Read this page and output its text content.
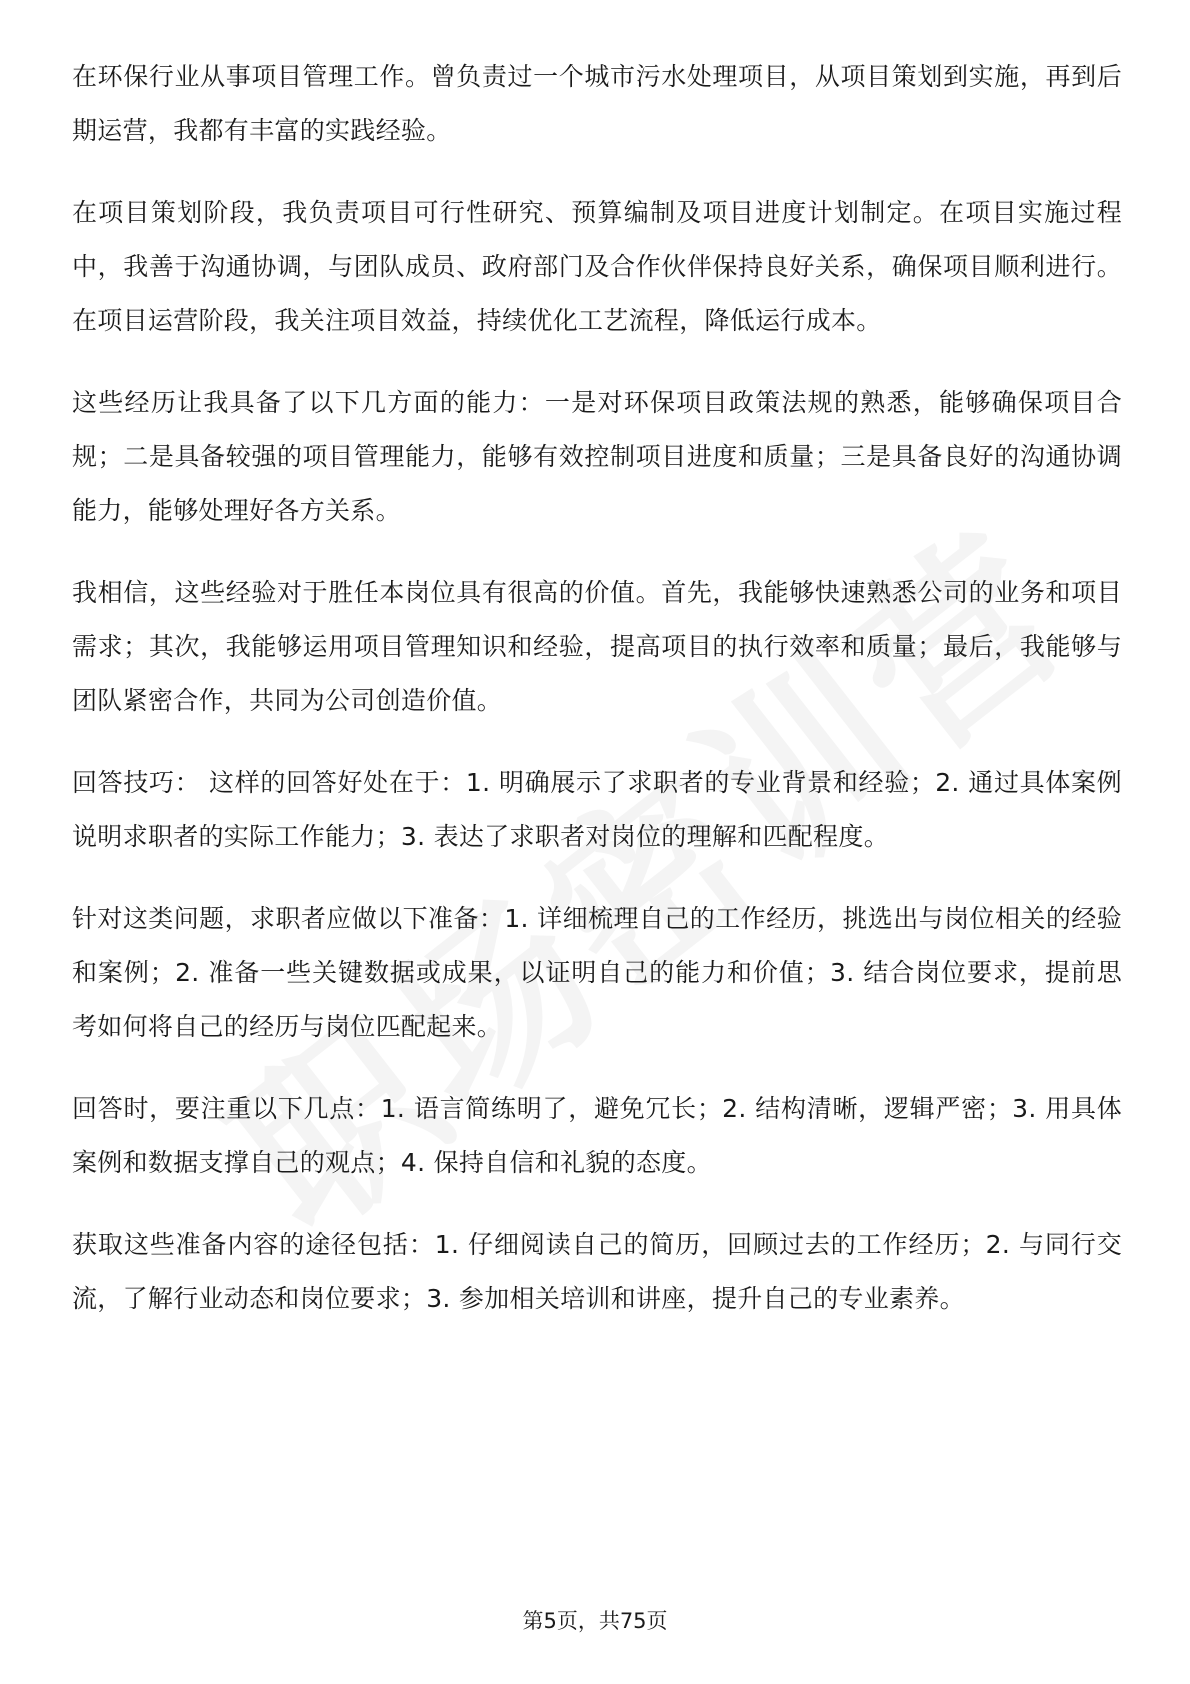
在环保行业从事项目管理工作。曾负责过一个城市污水处理项目，从项目策划到实施，再到后期运营，我都有丰富的实践经验。

在项目策划阶段，我负责项目可行性研究、预算编制及项目进度计划制定。在项目实施过程中，我善于沟通协调，与团队成员、政府部门及合作伙伴保持良好关系，确保项目顺利进行。在项目运营阶段，我关注项目效益，持续优化工艺流程，降低运行成本。

这些经历让我具备了以下几方面的能力：一是对环保项目政策法规的熟悉，能够确保项目合规；二是具备较强的项目管理能力，能够有效控制项目进度和质量；三是具备良好的沟通协调能力，能够处理好各方关系。

我相信，这些经验对于胜任本岗位具有很高的价值。首先，我能够快速熟悉公司的业务和项目需求；其次，我能够运用项目管理知识和经验，提高项目的执行效率和质量；最后，我能够与团队紧密合作，共同为公司创造价值。

回答技巧： 这样的回答好处在于：1. 明确展示了求职者的专业背景和经验；2. 通过具体案例说明求职者的实际工作能力；3. 表达了求职者对岗位的理解和匹配程度。

针对这类问题，求职者应做以下准备：1. 详细梳理自己的工作经历，挑选出与岗位相关的经验和案例；2. 准备一些关键数据或成果，以证明自己的能力和价值；3. 结合岗位要求，提前思考如何将自己的经历与岗位匹配起来。

回答时，要注重以下几点：1. 语言简练明了，避免冗长；2. 结构清晰，逻辑严密；3. 用具体案例和数据支撑自己的观点；4. 保持自信和礼貌的态度。

获取这些准备内容的途径包括：1. 仔细阅读自己的简历，回顾过去的工作经历；2. 与同行交流，了解行业动态和岗位要求；3. 参加相关培训和讲座，提升自己的专业素养。

第5页，共75页
